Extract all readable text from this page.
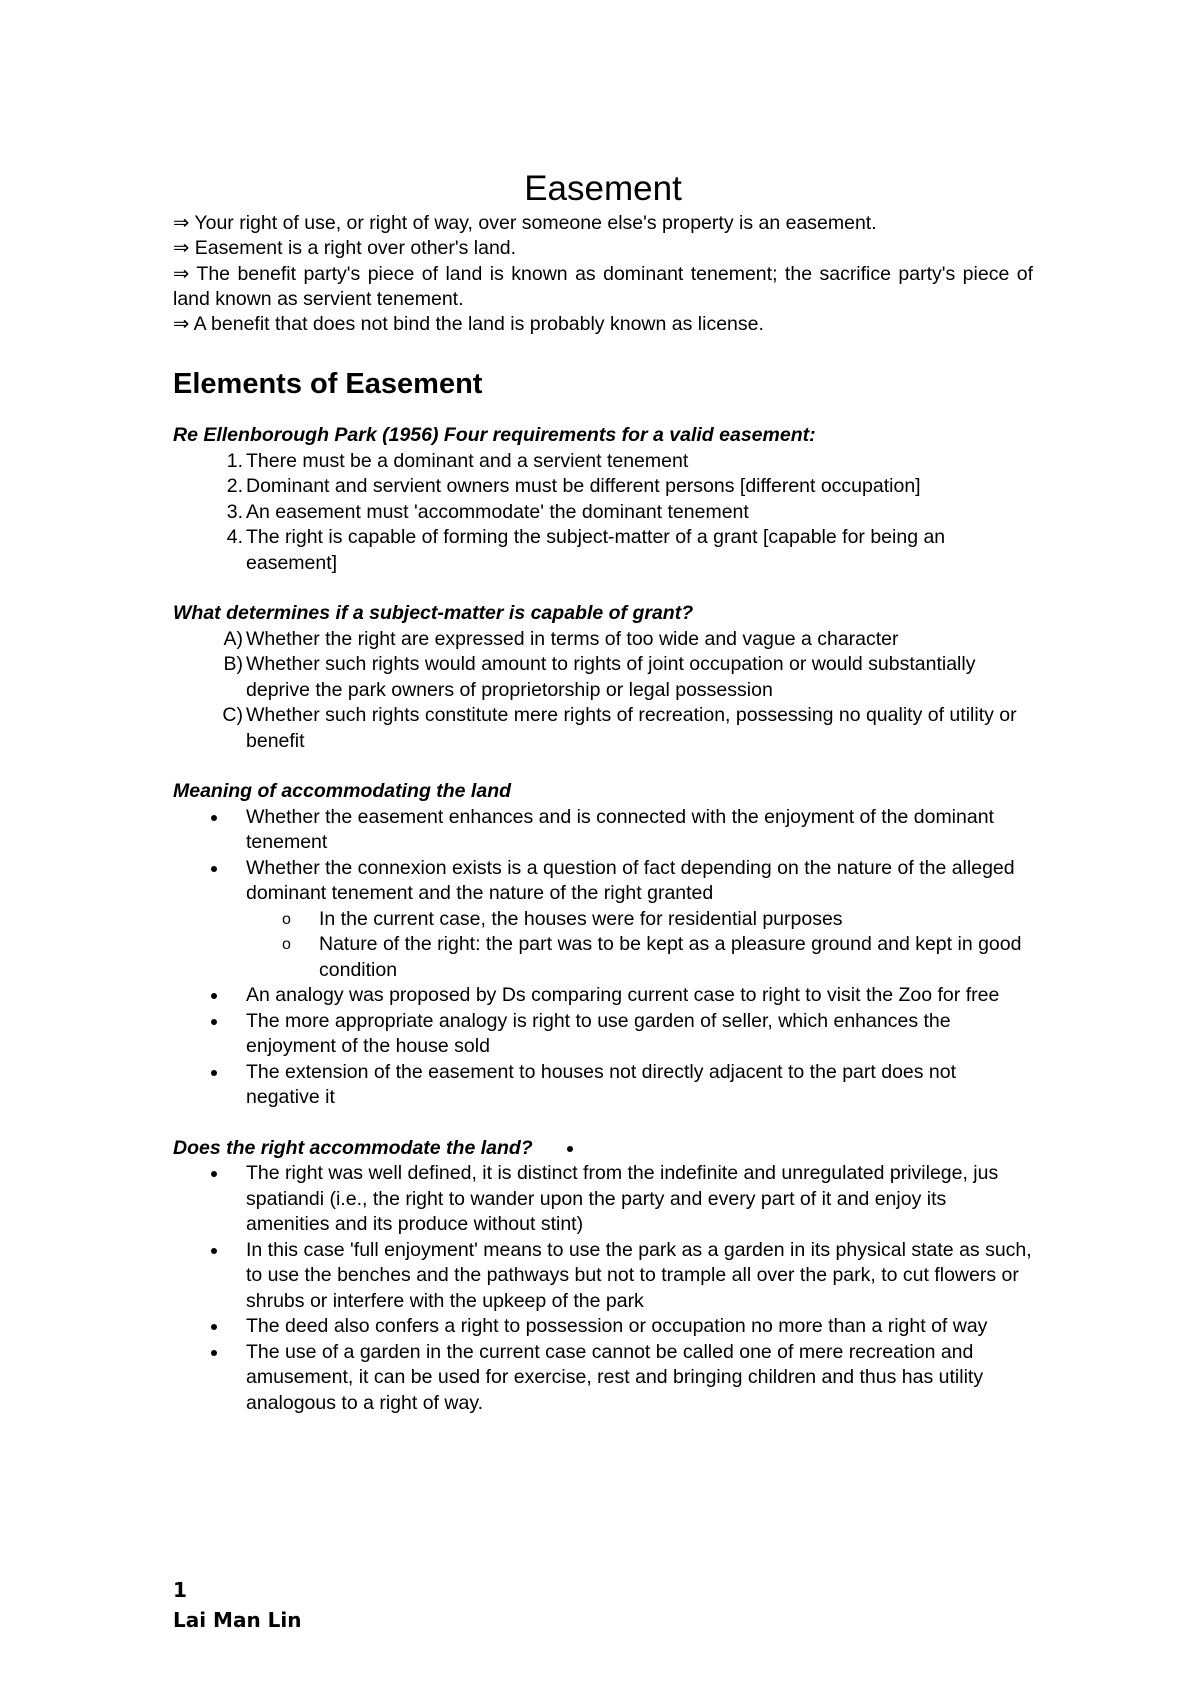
Easement

⇒ Your right of use, or right of way, over someone else's property is an easement.

⇒ Easement is a right over other's land.

⇒ The benefit party's piece of land is known as dominant tenement; the sacrifice party's piece of land known as servient tenement.

⇒ A benefit that does not bind the land is probably known as license.

Elements of Easement

Re Ellenborough Park (1956) Four requirements for a valid easement:

1. There must be a dominant and a servient tenement
2. Dominant and servient owners must be different persons [different occupation]
3. An easement must 'accommodate' the dominant tenement
4. The right is capable of forming the subject-matter of a grant [capable for being an easement]

What determines if a subject-matter is capable of grant?

A) Whether the right are expressed in terms of too wide and vague a character
B) Whether such rights would amount to rights of joint occupation or would substantially deprive the park owners of proprietorship or legal possession
C) Whether such rights constitute mere rights of recreation, possessing no quality of utility or benefit

Meaning of accommodating the land

Whether the easement enhances and is connected with the enjoyment of the dominant tenement
Whether the connexion exists is a question of fact depending on the nature of the alleged dominant tenement and the nature of the right granted
o In the current case, the houses were for residential purposes
o Nature of the right: the part was to be kept as a pleasure ground and kept in good condition
An analogy was proposed by Ds comparing current case to right to visit the Zoo for free
The more appropriate analogy is right to use garden of seller, which enhances the enjoyment of the house sold
The extension of the easement to houses not directly adjacent to the part does not negative it

Does the right accommodate the land?

The right was well defined, it is distinct from the indefinite and unregulated privilege, jus spatiandi (i.e., the right to wander upon the party and every part of it and enjoy its amenities and its produce without stint)
In this case 'full enjoyment' means to use the park as a garden in its physical state as such, to use the benches and the pathways but not to trample all over the park, to cut flowers or shrubs or interfere with the upkeep of the park
The deed also confers a right to possession or occupation no more than a right of way
The use of a garden in the current case cannot be called one of mere recreation and amusement, it can be used for exercise, rest and bringing children and thus has utility analogous to a right of way.
1
Lai Man Lin
